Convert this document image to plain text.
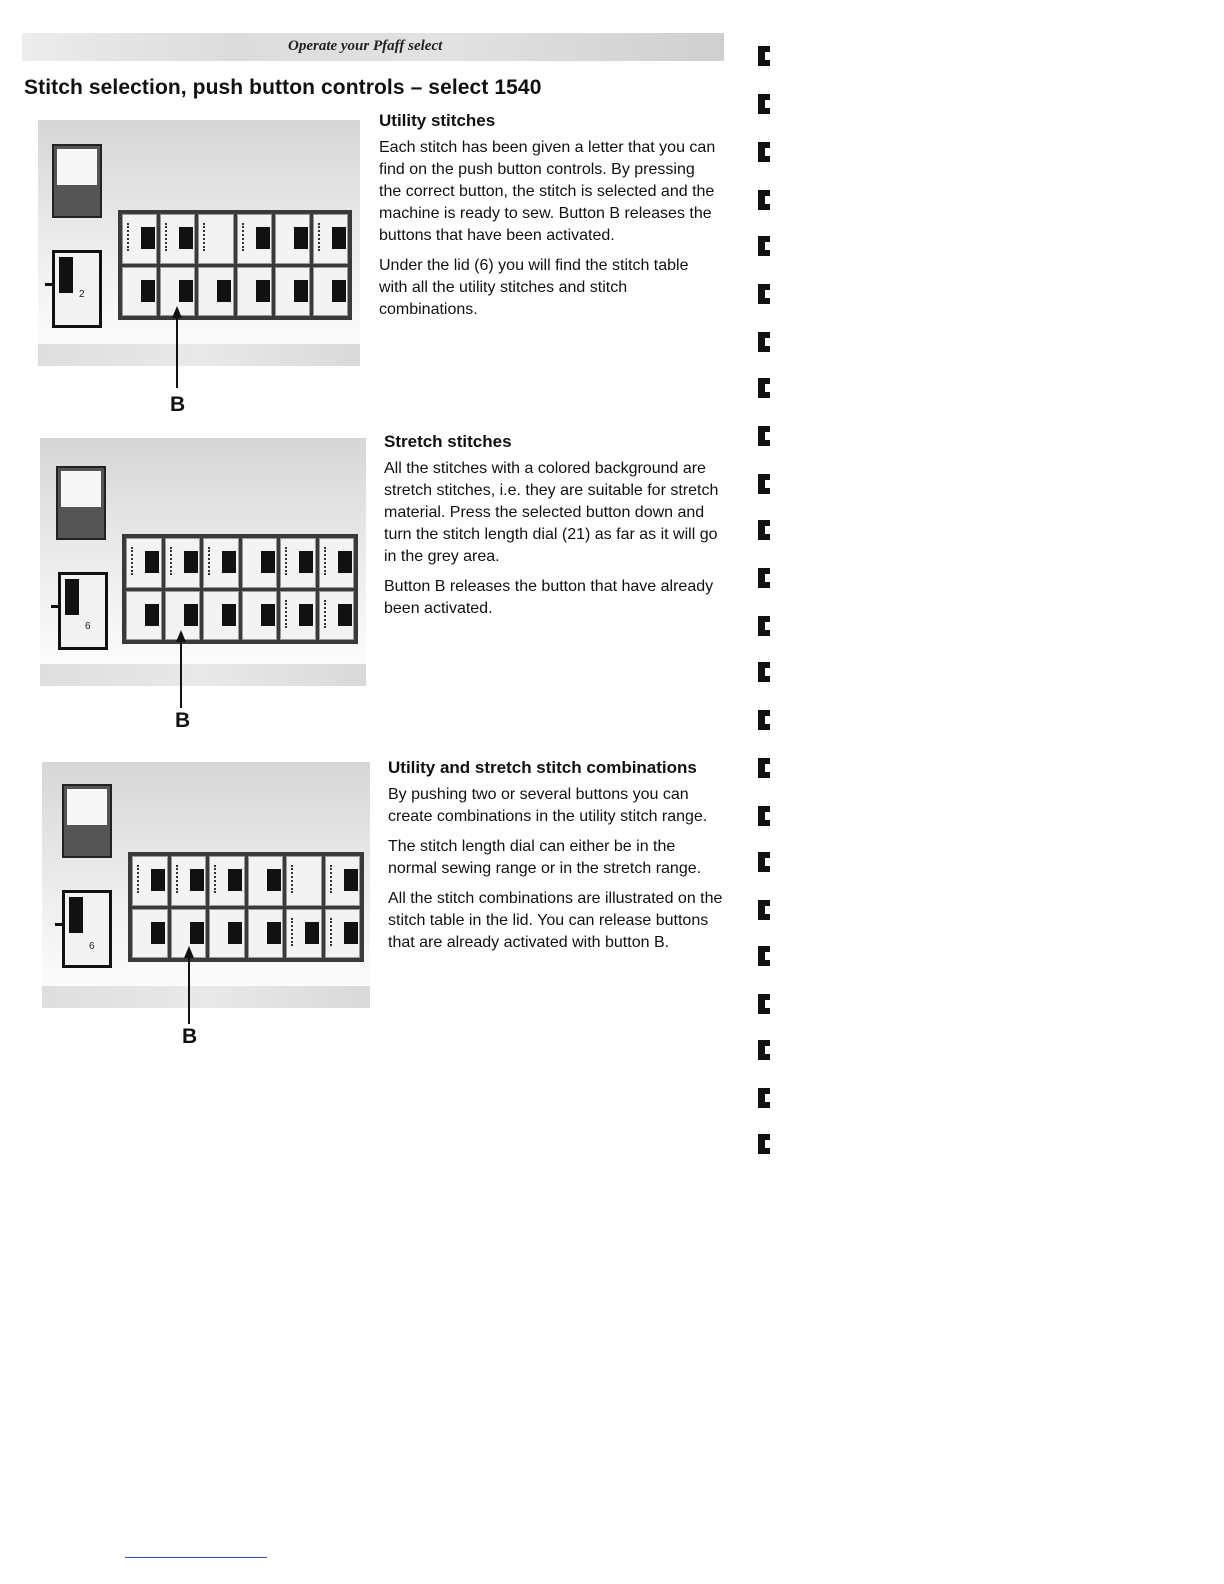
Operate your Pfaff select
Stitch selection, push button controls – select 1540
2
B
Utility stitches

Each stitch has been given a letter that you can find on the push button controls. By pressing the correct button, the stitch is selected and the machine is ready to sew. Button B releases the buttons that have been activated.

Under the lid (6) you will find the stitch table with all the utility stitches and stitch combinations.

6
B
Stretch stitches

All the stitches with a colored background are stretch stitches, i.e. they are suitable for stretch material. Press the selected button down and turn the stitch length dial (21) as far as it will go in the grey area.

Button B releases the button that have already been activated.

6
B
Utility and stretch stitch combinations

By pushing two or several buttons you can create combinations in the utility stitch range.

The stitch length dial can either be in the normal sewing range or in the stretch range.

All the stitch combinations are illustrated on the stitch table in the lid. You can release buttons that are already activated with button B.
